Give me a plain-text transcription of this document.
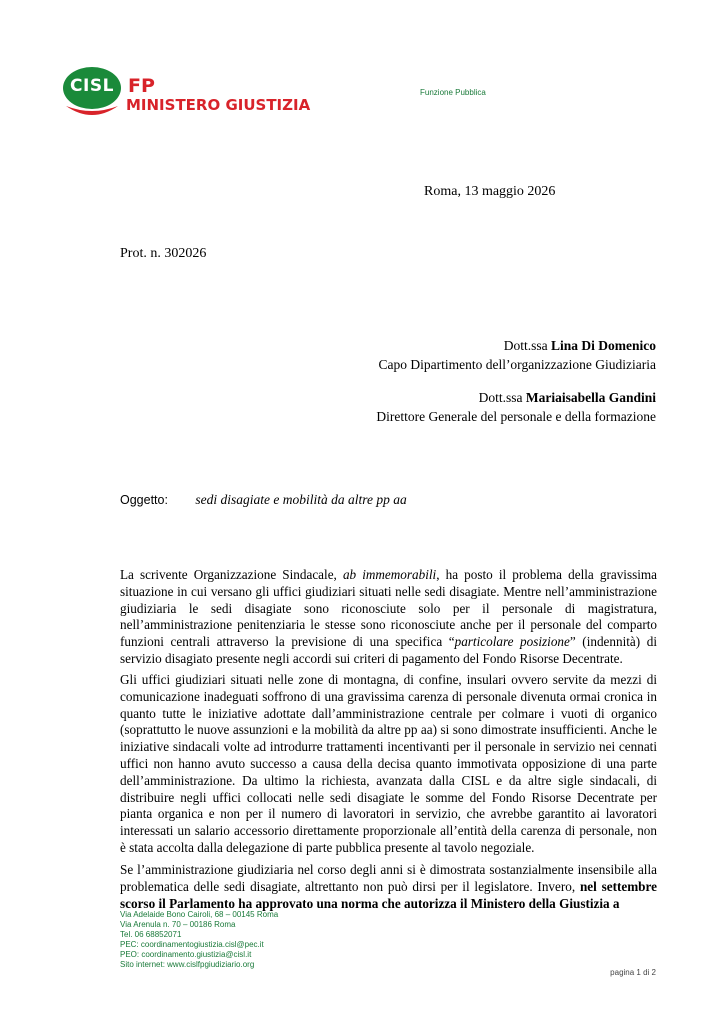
CISL FP
MINISTERO GIUSTIZIA
Funzione Pubblica
Roma, 13 maggio 2026
Prot. n. 302026
Dott.ssa Lina Di Domenico
Capo Dipartimento dell’organizzazione Giudiziaria
Dott.ssa Mariaisabella Gandini
Direttore Generale del personale e della formazione
Oggetto: sedi disagiate e mobilità da altre pp aa
La scrivente Organizzazione Sindacale, ab immemorabili, ha posto il problema della gravissima situazione in cui versano gli uffici giudiziari situati nelle sedi disagiate. Mentre nell’amministrazione giudiziaria le sedi disagiate sono riconosciute solo per il personale di magistratura, nell’amministrazione penitenziaria le stesse sono riconosciute anche per il personale del comparto funzioni centrali attraverso la previsione di una specifica “particolare posizione” (indennità) di servizio disagiato presente negli accordi sui criteri di pagamento del Fondo Risorse Decentrate.
Gli uffici giudiziari situati nelle zone di montagna, di confine, insulari ovvero servite da mezzi di comunicazione inadeguati soffrono di una gravissima carenza di personale divenuta ormai cronica in quanto tutte le iniziative adottate dall’amministrazione centrale per colmare i vuoti di organico (soprattutto le nuove assunzioni e la mobilità da altre pp aa) si sono dimostrate insufficienti. Anche le iniziative sindacali volte ad introdurre trattamenti incentivanti per il personale in servizio nei cennati uffici non hanno avuto successo a causa della decisa quanto immotivata opposizione di una parte dell’amministrazione. Da ultimo la richiesta, avanzata dalla CISL e da altre sigle sindacali, di distribuire negli uffici collocati nelle sedi disagiate le somme del Fondo Risorse Decentrate per pianta organica e non per il numero di lavoratori in servizio, che avrebbe garantito ai lavoratori interessati un salario accessorio direttamente proporzionale all’entità della carenza di personale, non è stata accolta dalla delegazione di parte pubblica presente al tavolo negoziale.
Se l’amministrazione giudiziaria nel corso degli anni si è dimostrata sostanzialmente insensibile alla problematica delle sedi disagiate, altrettanto non può dirsi per il legislatore. Invero, nel settembre scorso il Parlamento ha approvato una norma che autorizza il Ministero della Giustizia a
Via Adelaide Bono Cairoli, 68 – 00145 Roma
Via Arenula n. 70 – 00186 Roma
Tel. 06 68852071
PEC: coordinamentogiustizia.cisl@pec.it
PEO: coordinamento.giustizia@cisl.it
Sito internet: www.cislfpgiudiziario.org
pagina 1 di 2
